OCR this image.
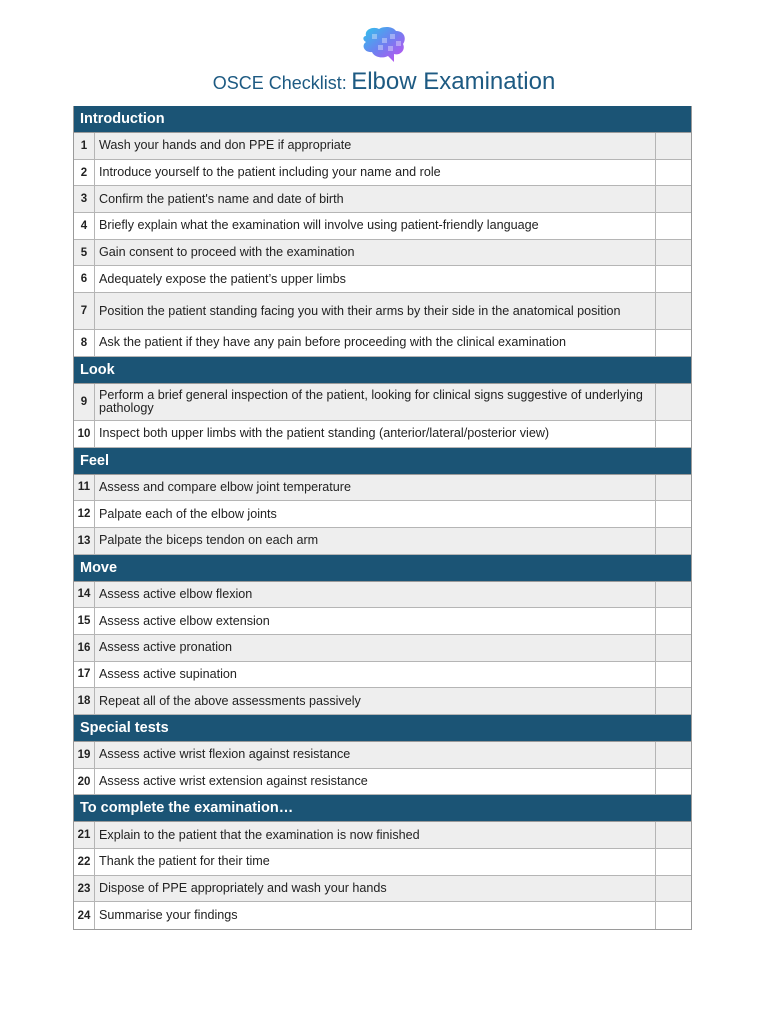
OSCE Checklist: Elbow Examination
Introduction
1 Wash your hands and don PPE if appropriate
2 Introduce yourself to the patient including your name and role
3 Confirm the patient's name and date of birth
4 Briefly explain what the examination will involve using patient-friendly language
5 Gain consent to proceed with the examination
6 Adequately expose the patient’s upper limbs
7 Position the patient standing facing you with their arms by their side in the anatomical position
8 Ask the patient if they have any pain before proceeding with the clinical examination
Look
9 Perform a brief general inspection of the patient, looking for clinical signs suggestive of underlying pathology
10 Inspect both upper limbs with the patient standing (anterior/lateral/posterior view)
Feel
11 Assess and compare elbow joint temperature
12 Palpate each of the elbow joints
13 Palpate the biceps tendon on each arm
Move
14 Assess active elbow flexion
15 Assess active elbow extension
16 Assess active pronation
17 Assess active supination
18 Repeat all of the above assessments passively
Special tests
19 Assess active wrist flexion against resistance
20 Assess active wrist extension against resistance
To complete the examination…
21 Explain to the patient that the examination is now finished
22 Thank the patient for their time
23 Dispose of PPE appropriately and wash your hands
24 Summarise your findings
